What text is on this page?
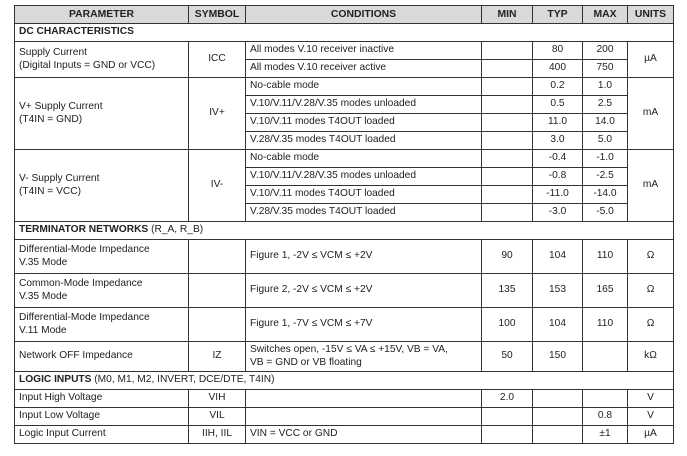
PARAMETER	SYMBOL	CONDITIONS	MIN	TYP	MAX	UNITS
DC CHARACTERISTICS						

Supply Current
(Digital Inputs = GND or VCC)	ICC	All modes V.10 receiver inactive		80	200	µA
		All modes V.10 receiver active		400	750	

V+ Supply Current
(T4IN = GND)	IV+	No-cable mode		0.2	1.0	mA
		V.10/V.11/V.28/V.35 modes unloaded		0.5	2.5	
		V.10/V.11 modes T4OUT loaded		11.0	14.0	
		V.28/V.35 modes T4OUT loaded		3.0	5.0	

V- Supply Current
(T4IN = VCC)	IV-	No-cable mode		-0.4	-1.0	mA
		V.10/V.11/V.28/V.35 modes unloaded		-0.8	-2.5	
		V.10/V.11 modes T4OUT loaded		-11.0	-14.0	
		V.28/V.35 modes T4OUT loaded		-3.0	-5.0	
TERMINATOR NETWORKS (R_A, R_B)						

Differential-Mode Impedance
V.35 Mode		Figure 1, -2V ≤ VCM ≤ +2V	90	104	110	Ω

Common-Mode Impedance
V.35 Mode		Figure 2, -2V ≤ VCM ≤ +2V	135	153	165	Ω

Differential-Mode Impedance
V.11 Mode		Figure 1, -7V ≤ VCM ≤ +7V	100	104	110	Ω

Network OFF Impedance	IZ	Switches open, -15V ≤ VA ≤ +15V, VB = VA,
VB = GND or VB floating	50	150		kΩ
LOGIC INPUTS (M0, M1, M2, INVERT, DCE/DTE, T4IN)						

Input High Voltage	VIH		2.0			V

Input Low Voltage	VIL				0.8	V

Logic Input Current	IIH, IIL	VIN = VCC or GND			±1	µA
